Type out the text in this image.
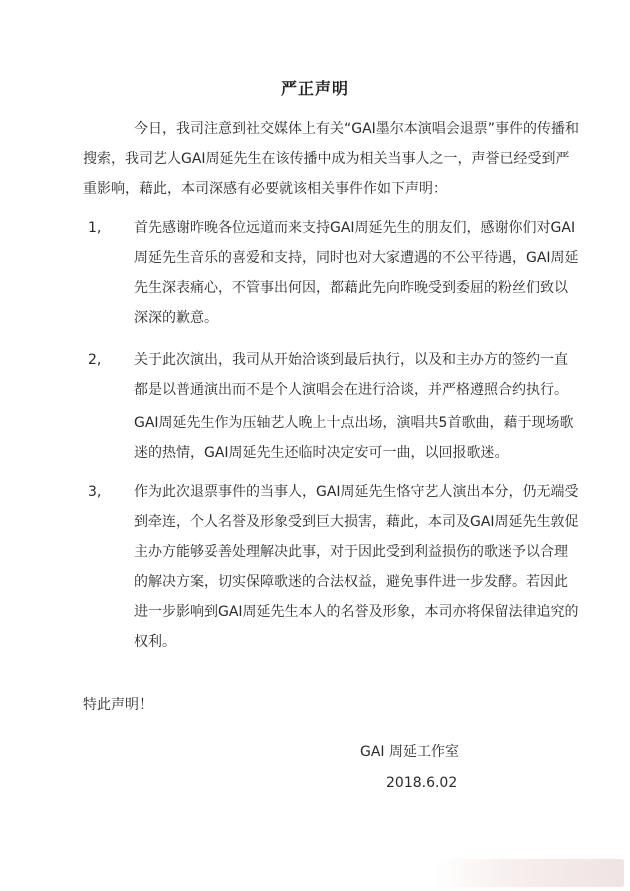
严正声明
今日，我司注意到社交媒体上有关“GAI墨尔本演唱会退票”事件的传播和
搜索，我司艺人GAI周延先生在该传播中成为相关当事人之一，声誉已经受到严
重影响，藉此，本司深感有必要就该相关事件作如下声明：
1, 首先感谢昨晚各位远道而来支持GAI周延先生的朋友们，感谢你们对GAI
周延先生音乐的喜爱和支持，同时也对大家遭遇的不公平待遇，GAI周延
先生深表痛心，不管事出何因，都藉此先向昨晚受到委屈的粉丝们致以
深深的歉意。
2, 关于此次演出，我司从开始洽谈到最后执行，以及和主办方的签约一直
都是以普通演出而不是个人演唱会在进行洽谈，并严格遵照合约执行。
GAI周延先生作为压轴艺人晚上十点出场，演唱共5首歌曲，藉于现场歌
迷的热情，GAI周延先生还临时决定安可一曲，以回报歌迷。
3, 作为此次退票事件的当事人，GAI周延先生恪守艺人演出本分，仍无端受
到牵连，个人名誉及形象受到巨大损害，藉此，本司及GAI周延先生敦促
主办方能够妥善处理解决此事，对于因此受到利益损伤的歌迷予以合理
的解决方案，切实保障歌迷的合法权益，避免事件进一步发酵。若因此
进一步影响到GAI周延先生本人的名誉及形象，本司亦将保留法律追究的
权利。
特此声明！
GAI 周延工作室
2018.6.02
